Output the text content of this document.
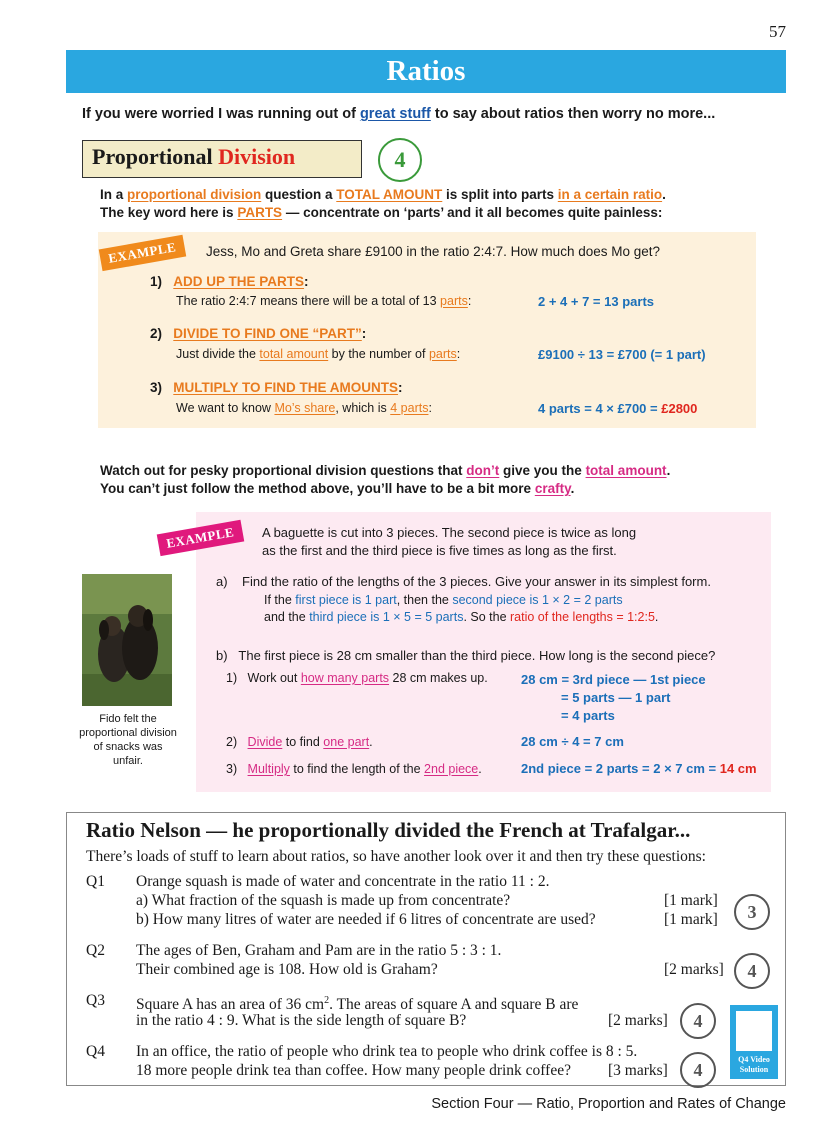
57
Ratios
If you were worried I was running out of great stuff to say about ratios then worry no more...
Proportional Division	4
In a proportional division question a TOTAL AMOUNT is split into parts in a certain ratio.
The key word here is PARTS — concentrate on ‘parts’ and it all becomes quite painless:
EXAMPLE	Jess, Mo and Greta share £9100 in the ratio 2:4:7. How much does Mo get?
1) ADD UP THE PARTS:
The ratio 2:4:7 means there will be a total of 13 parts:	2 + 4 + 7 = 13 parts
2) DIVIDE TO FIND ONE “PART”:
Just divide the total amount by the number of parts:	£9100 ÷ 13 = £700 (= 1 part)
3) MULTIPLY TO FIND THE AMOUNTS:
We want to know Mo’s share, which is 4 parts:	4 parts = 4 × £700 = £2800
Watch out for pesky proportional division questions that don’t give you the total amount.
You can’t just follow the method above, you’ll have to be a bit more crafty.
EXAMPLE	A baguette is cut into 3 pieces. The second piece is twice as long
as the first and the third piece is five times as long as the first.
Fido felt the proportional division of snacks was unfair.
a) Find the ratio of the lengths of the 3 pieces. Give your answer in its simplest form.
If the first piece is 1 part, then the second piece is 1 × 2 = 2 parts
and the third piece is 1 × 5 = 5 parts. So the ratio of the lengths = 1:2:5.
b) The first piece is 28 cm smaller than the third piece. How long is the second piece?
1) Work out how many parts 28 cm makes up.	28 cm = 3rd piece — 1st piece
= 5 parts — 1 part
= 4 parts
2) Divide to find one part.	28 cm ÷ 4 = 7 cm
3) Multiply to find the length of the 2nd piece.	2nd piece = 2 parts = 2 × 7 cm = 14 cm
Ratio Nelson — he proportionally divided the French at Trafalgar...
There’s loads of stuff to learn about ratios, so have another look over it and then try these questions:
Q1 Orange squash is made of water and concentrate in the ratio 11 : 2.
a) What fraction of the squash is made up from concentrate?	[1 mark]
b) How many litres of water are needed if 6 litres of concentrate are used?	[1 mark]	3
Q2 The ages of Ben, Graham and Pam are in the ratio 5 : 3 : 1.
Their combined age is 108. How old is Graham?	[2 marks]	4
Q3 Square A has an area of 36 $cm^2$. The areas of square A and square B are
in the ratio 4 : 9. What is the side length of square B?	[2 marks]	4
Q4 In an office, the ratio of people who drink tea to people who drink coffee is 8 : 5.
18 more people drink tea than coffee. How many people drink coffee? [3 marks]	4
Q4 Video Solution
Section Four — Ratio, Proportion and Rates of Change
